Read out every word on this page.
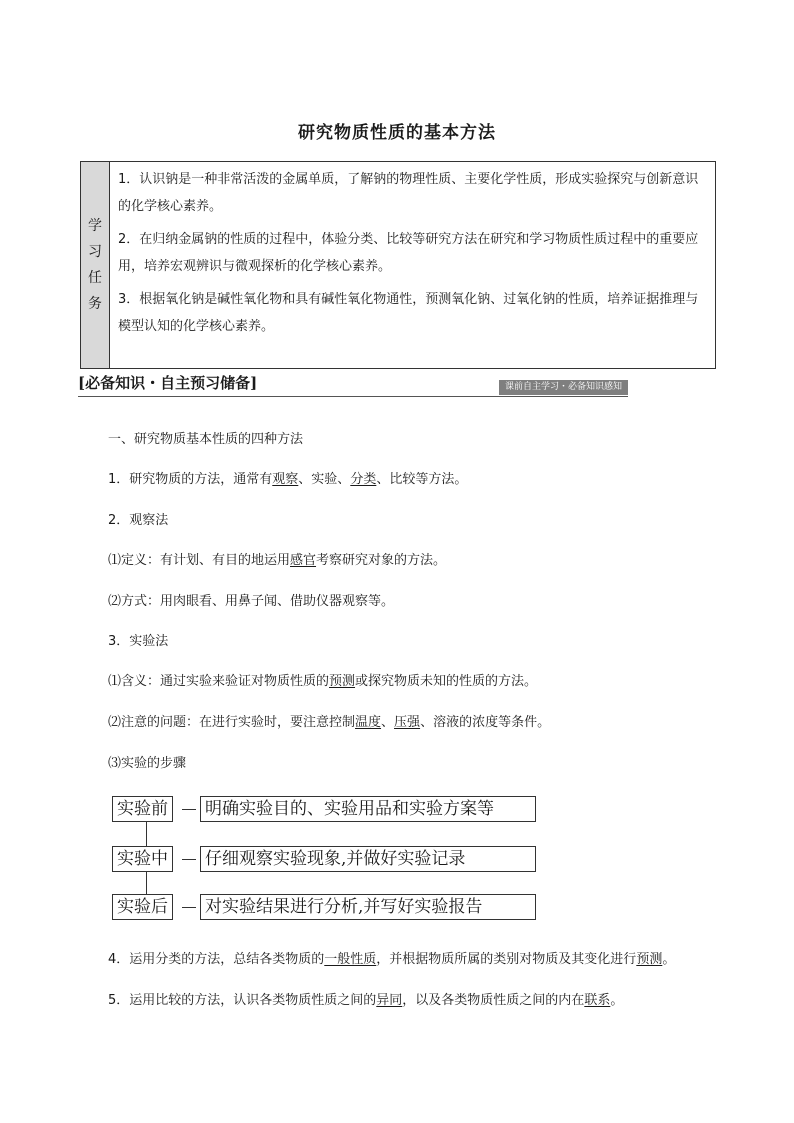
研究物质性质的基本方法
学
习
任
务
1．认识钠是一种非常活泼的金属单质，了解钠的物理性质、主要化学性质，形成实验探究与创新意识的化学核心素养。
2．在归纳金属钠的性质的过程中，体验分类、比较等研究方法在研究和学习物质性质过程中的重要应用，培养宏观辨识与微观探析的化学核心素养。
3．根据氧化钠是碱性氧化物和具有碱性氧化物通性，预测氧化钠、过氧化钠的性质，培养证据推理与模型认知的化学核心素养。
[必备知识・自主预习储备]	课前自主学习・必备知识感知
一、研究物质基本性质的四种方法
1．研究物质的方法，通常有观察、实验、分类、比较等方法。
2．观察法
⑴定义：有计划、有目的地运用感官考察研究对象的方法。
⑵方式：用肉眼看、用鼻子闻、借助仪器观察等。
3．实验法
⑴含义：通过实验来验证对物质性质的预测或探究物质未知的性质的方法。
⑵注意的问题：在进行实验时，要注意控制温度、压强、溶液的浓度等条件。
⑶实验的步骤
实验前 明确实验目的、实验用品和实验方案等
实验中 仔细观察实验现象,并做好实验记录
实验后 对实验结果进行分析,并写好实验报告
4．运用分类的方法，总结各类物质的一般性质，并根据物质所属的类别对物质及其变化进行预测。
5．运用比较的方法，认识各类物质性质之间的异同，以及各类物质性质之间的内在联系。
